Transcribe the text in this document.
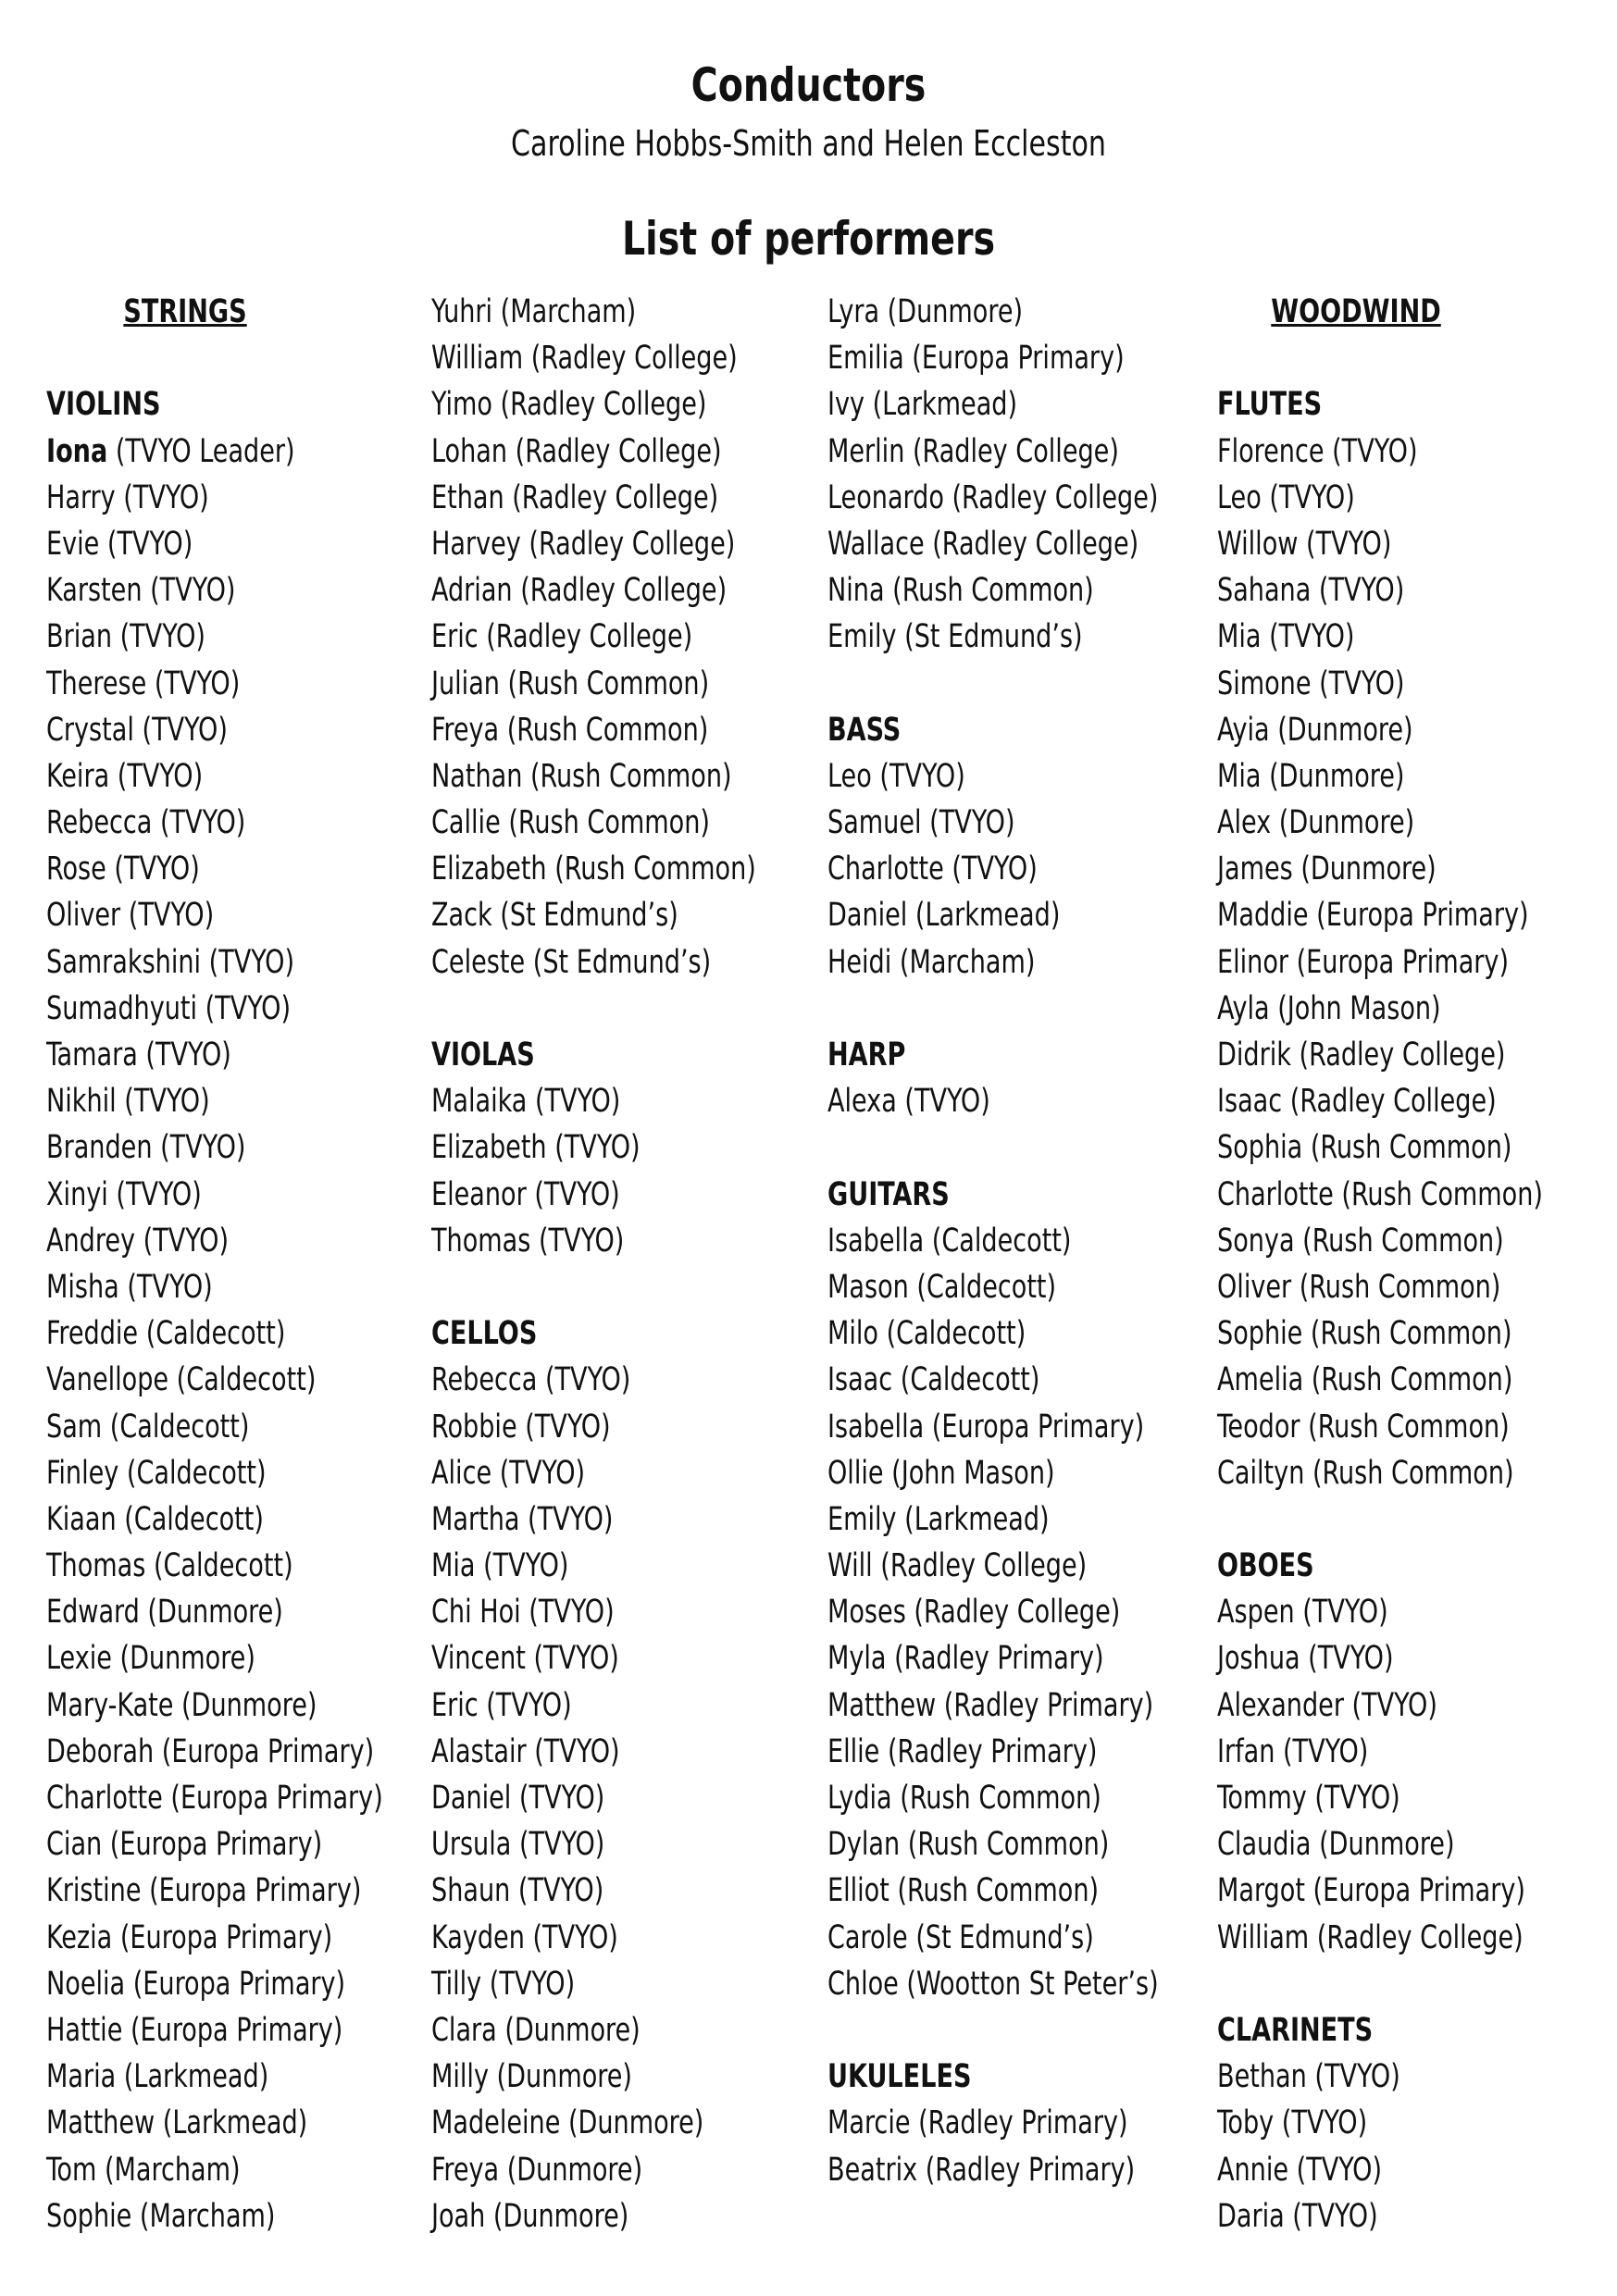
Conductors
Caroline Hobbs-Smith and Helen Eccleston
List of performers
STRINGS
VIOLINS
Iona (TVYO Leader)
Harry (TVYO)
Evie (TVYO)
Karsten (TVYO)
Brian (TVYO)
Therese (TVYO)
Crystal (TVYO)
Keira (TVYO)
Rebecca (TVYO)
Rose (TVYO)
Oliver (TVYO)
Samrakshini (TVYO)
Sumadhyuti (TVYO)
Tamara (TVYO)
Nikhil (TVYO)
Branden (TVYO)
Xinyi (TVYO)
Andrey (TVYO)
Misha (TVYO)
Freddie (Caldecott)
Vanellope (Caldecott)
Sam (Caldecott)
Finley (Caldecott)
Kiaan (Caldecott)
Thomas (Caldecott)
Edward (Dunmore)
Lexie (Dunmore)
Mary-Kate (Dunmore)
Deborah (Europa Primary)
Charlotte (Europa Primary)
Cian (Europa Primary)
Kristine (Europa Primary)
Kezia (Europa Primary)
Noelia (Europa Primary)
Hattie (Europa Primary)
Maria (Larkmead)
Matthew (Larkmead)
Tom (Marcham)
Sophie (Marcham)
Yuhri (Marcham)
William (Radley College)
Yimo (Radley College)
Lohan (Radley College)
Ethan (Radley College)
Harvey (Radley College)
Adrian (Radley College)
Eric (Radley College)
Julian (Rush Common)
Freya (Rush Common)
Nathan (Rush Common)
Callie (Rush Common)
Elizabeth (Rush Common)
Zack (St Edmund’s)
Celeste (St Edmund’s)
VIOLAS
Malaika (TVYO)
Elizabeth (TVYO)
Eleanor (TVYO)
Thomas (TVYO)
CELLOS
Rebecca (TVYO)
Robbie (TVYO)
Alice (TVYO)
Martha (TVYO)
Mia (TVYO)
Chi Hoi (TVYO)
Vincent (TVYO)
Eric (TVYO)
Alastair (TVYO)
Daniel (TVYO)
Ursula (TVYO)
Shaun (TVYO)
Kayden (TVYO)
Tilly (TVYO)
Clara (Dunmore)
Milly (Dunmore)
Madeleine (Dunmore)
Freya (Dunmore)
Joah (Dunmore)
Lyra (Dunmore)
Emilia (Europa Primary)
Ivy (Larkmead)
Merlin (Radley College)
Leonardo (Radley College)
Wallace (Radley College)
Nina (Rush Common)
Emily (St Edmund’s)
BASS
Leo (TVYO)
Samuel (TVYO)
Charlotte (TVYO)
Daniel (Larkmead)
Heidi (Marcham)
HARP
Alexa (TVYO)
GUITARS
Isabella (Caldecott)
Mason (Caldecott)
Milo (Caldecott)
Isaac (Caldecott)
Isabella (Europa Primary)
Ollie (John Mason)
Emily (Larkmead)
Will (Radley College)
Moses (Radley College)
Myla (Radley Primary)
Matthew (Radley Primary)
Ellie (Radley Primary)
Lydia (Rush Common)
Dylan (Rush Common)
Elliot (Rush Common)
Carole (St Edmund’s)
Chloe (Wootton St Peter’s)
UKULELES
Marcie (Radley Primary)
Beatrix (Radley Primary)
WOODWIND
FLUTES
Florence (TVYO)
Leo (TVYO)
Willow (TVYO)
Sahana (TVYO)
Mia (TVYO)
Simone (TVYO)
Ayia (Dunmore)
Mia (Dunmore)
Alex (Dunmore)
James (Dunmore)
Maddie (Europa Primary)
Elinor (Europa Primary)
Ayla (John Mason)
Didrik (Radley College)
Isaac (Radley College)
Sophia (Rush Common)
Charlotte (Rush Common)
Sonya (Rush Common)
Oliver (Rush Common)
Sophie (Rush Common)
Amelia (Rush Common)
Teodor (Rush Common)
Cailtyn (Rush Common)
OBOES
Aspen (TVYO)
Joshua (TVYO)
Alexander (TVYO)
Irfan (TVYO)
Tommy (TVYO)
Claudia (Dunmore)
Margot (Europa Primary)
William (Radley College)
CLARINETS
Bethan (TVYO)
Toby (TVYO)
Annie (TVYO)
Daria (TVYO)
